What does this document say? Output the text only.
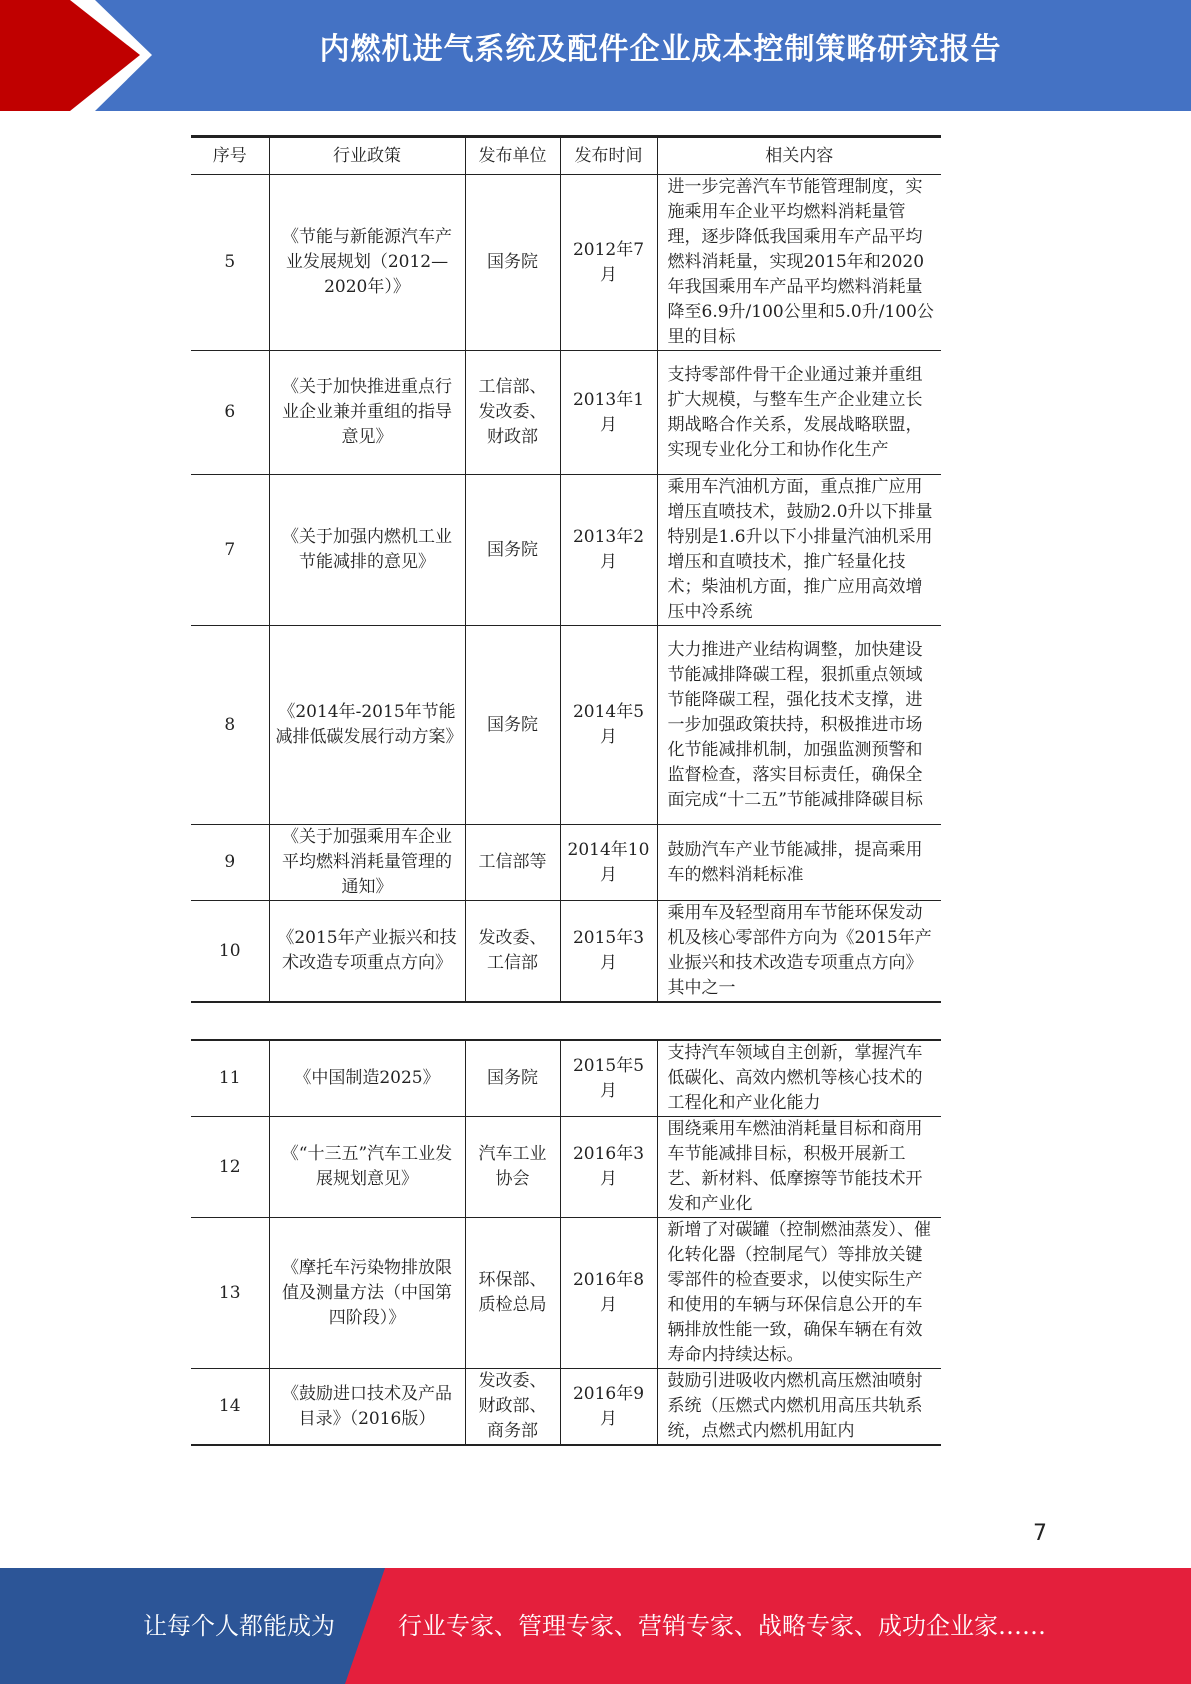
内燃机进气系统及配件企业成本控制策略研究报告
序号	行业政策	发布单位	发布时间	相关内容
5	《节能与新能源汽车产业发展规划（2012—2020年）》	国务院	2012年7月	进一步完善汽车节能管理制度，实施乘用车企业平均燃料消耗量管理，逐步降低我国乘用车产品平均燃料消耗量，实现2015年和2020年我国乘用车产品平均燃料消耗量降至6.9升/100公里和5.0升/100公里的目标
6	《关于加快推进重点行业企业兼并重组的指导意见》	工信部、发改委、财政部	2013年1月	支持零部件骨干企业通过兼并重组扩大规模，与整车生产企业建立长期战略合作关系，发展战略联盟，实现专业化分工和协作化生产
7	《关于加强内燃机工业节能减排的意见》	国务院	2013年2月	乘用车汽油机方面，重点推广应用增压直喷技术，鼓励2.0升以下排量特别是1.6升以下小排量汽油机采用增压和直喷技术，推广轻量化技术；柴油机方面，推广应用高效增压中冷系统
8	《2014年-2015年节能减排低碳发展行动方案》	国务院	2014年5月	大力推进产业结构调整，加快建设节能减排降碳工程，狠抓重点领域节能降碳工程，强化技术支撑，进一步加强政策扶持，积极推进市场化节能减排机制，加强监测预警和监督检查，落实目标责任，确保全面完成“十二五”节能减排降碳目标
9	《关于加强乘用车企业平均燃料消耗量管理的通知》	工信部等	2014年10月	鼓励汽车产业节能减排，提高乘用车的燃料消耗标准
10	《2015年产业振兴和技术改造专项重点方向》	发改委、工信部	2015年3月	乘用车及轻型商用车节能环保发动机及核心零部件方向为《2015年产业振兴和技术改造专项重点方向》其中之一
11	《中国制造2025》	国务院	2015年5月	支持汽车领域自主创新，掌握汽车低碳化、高效内燃机等核心技术的工程化和产业化能力
12	《“十三五”汽车工业发展规划意见》	汽车工业协会	2016年3月	围绕乘用车燃油消耗量目标和商用车节能减排目标，积极开展新工艺、新材料、低摩擦等节能技术开发和产业化
13	《摩托车污染物排放限值及测量方法（中国第四阶段）》	环保部、质检总局	2016年8月	新增了对碳罐（控制燃油蒸发）、催化转化器（控制尾气）等排放关键零部件的检查要求，以使实际生产和使用的车辆与环保信息公开的车辆排放性能一致，确保车辆在有效寿命内持续达标。
14	《鼓励进口技术及产品目录》（2016版）	发改委、财政部、商务部	2016年9月	鼓励引进吸收内燃机高压燃油喷射系统（压燃式内燃机用高压共轨系统，点燃式内燃机用缸内
7
让每个人都能成为	行业专家、管理专家、营销专家、战略专家、成功企业家……
